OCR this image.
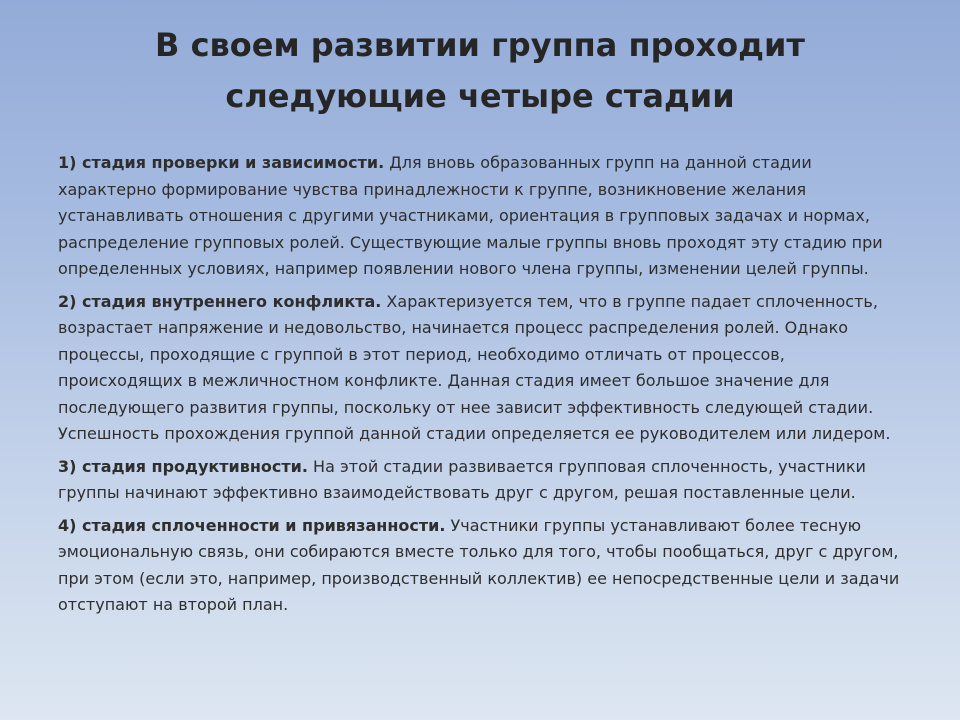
В своем развитии группа проходит следующие четыре стадии

1) стадия проверки и зависимости. Для вновь образованных групп на данной стадии характерно формирование чувства принадлежности к группе, возникновение желания устанавливать отношения с другими участниками, ориентация в групповых задачах и нормах, распределение групповых ролей. Существующие малые группы вновь проходят эту стадию при определенных условиях, например появлении нового члена группы, изменении целей группы.

2) стадия внутреннего конфликта. Характеризуется тем, что в группе падает сплоченность, возрастает напряжение и недовольство, начинается процесс распределения ролей. Однако процессы, проходящие с группой в этот период, необходимо отличать от процессов, происходящих в межличностном конфликте. Данная стадия имеет большое значение для последующего развития группы, поскольку от нее зависит эффективность следующей стадии. Успешность прохождения группой данной стадии определяется ее руководителем или лидером.

3) стадия продуктивности. На этой стадии развивается групповая сплоченность, участники группы начинают эффективно взаимодействовать друг с другом, решая поставленные цели.

4) стадия сплоченности и привязанности. Участники группы устанавливают более тесную эмоциональную связь, они собираются вместе только для того, чтобы пообщаться, друг с другом, при этом (если это, например, производственный коллектив) ее непосредственные цели и задачи отступают на второй план.
